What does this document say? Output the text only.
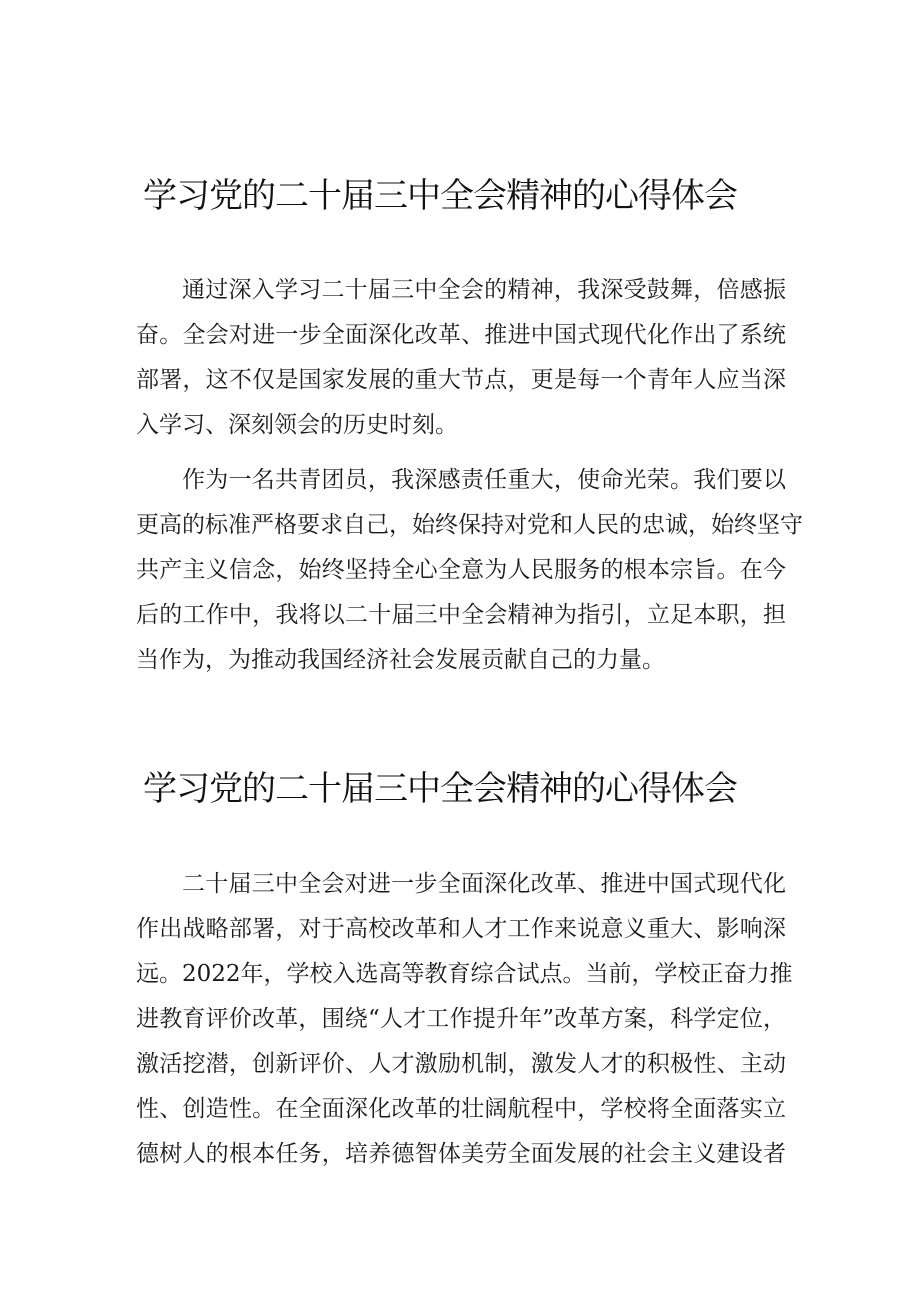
学习党的二十届三中全会精神的心得体会

通过深入学习二十届三中全会的精神，我深受鼓舞，倍感振
奋。全会对进一步全面深化改革、推进中国式现代化作出了系统
部署，这不仅是国家发展的重大节点，更是每一个青年人应当深
入学习、深刻领会的历史时刻。

作为一名共青团员，我深感责任重大，使命光荣。我们要以
更高的标准严格要求自己，始终保持对党和人民的忠诚，始终坚守
共产主义信念，始终坚持全心全意为人民服务的根本宗旨。在今
后的工作中，我将以二十届三中全会精神为指引，立足本职，担
当作为，为推动我国经济社会发展贡献自己的力量。

学习党的二十届三中全会精神的心得体会

二十届三中全会对进一步全面深化改革、推进中国式现代化
作出战略部署，对于高校改革和人才工作来说意义重大、影响深
远。2022年，学校入选高等教育综合试点。当前，学校正奋力推
进教育评价改革，围绕“人才工作提升年”改革方案，科学定位，
激活挖潜，创新评价、人才激励机制，激发人才的积极性、主动
性、创造性。在全面深化改革的壮阔航程中，学校将全面落实立
德树人的根本任务，培养德智体美劳全面发展的社会主义建设者
